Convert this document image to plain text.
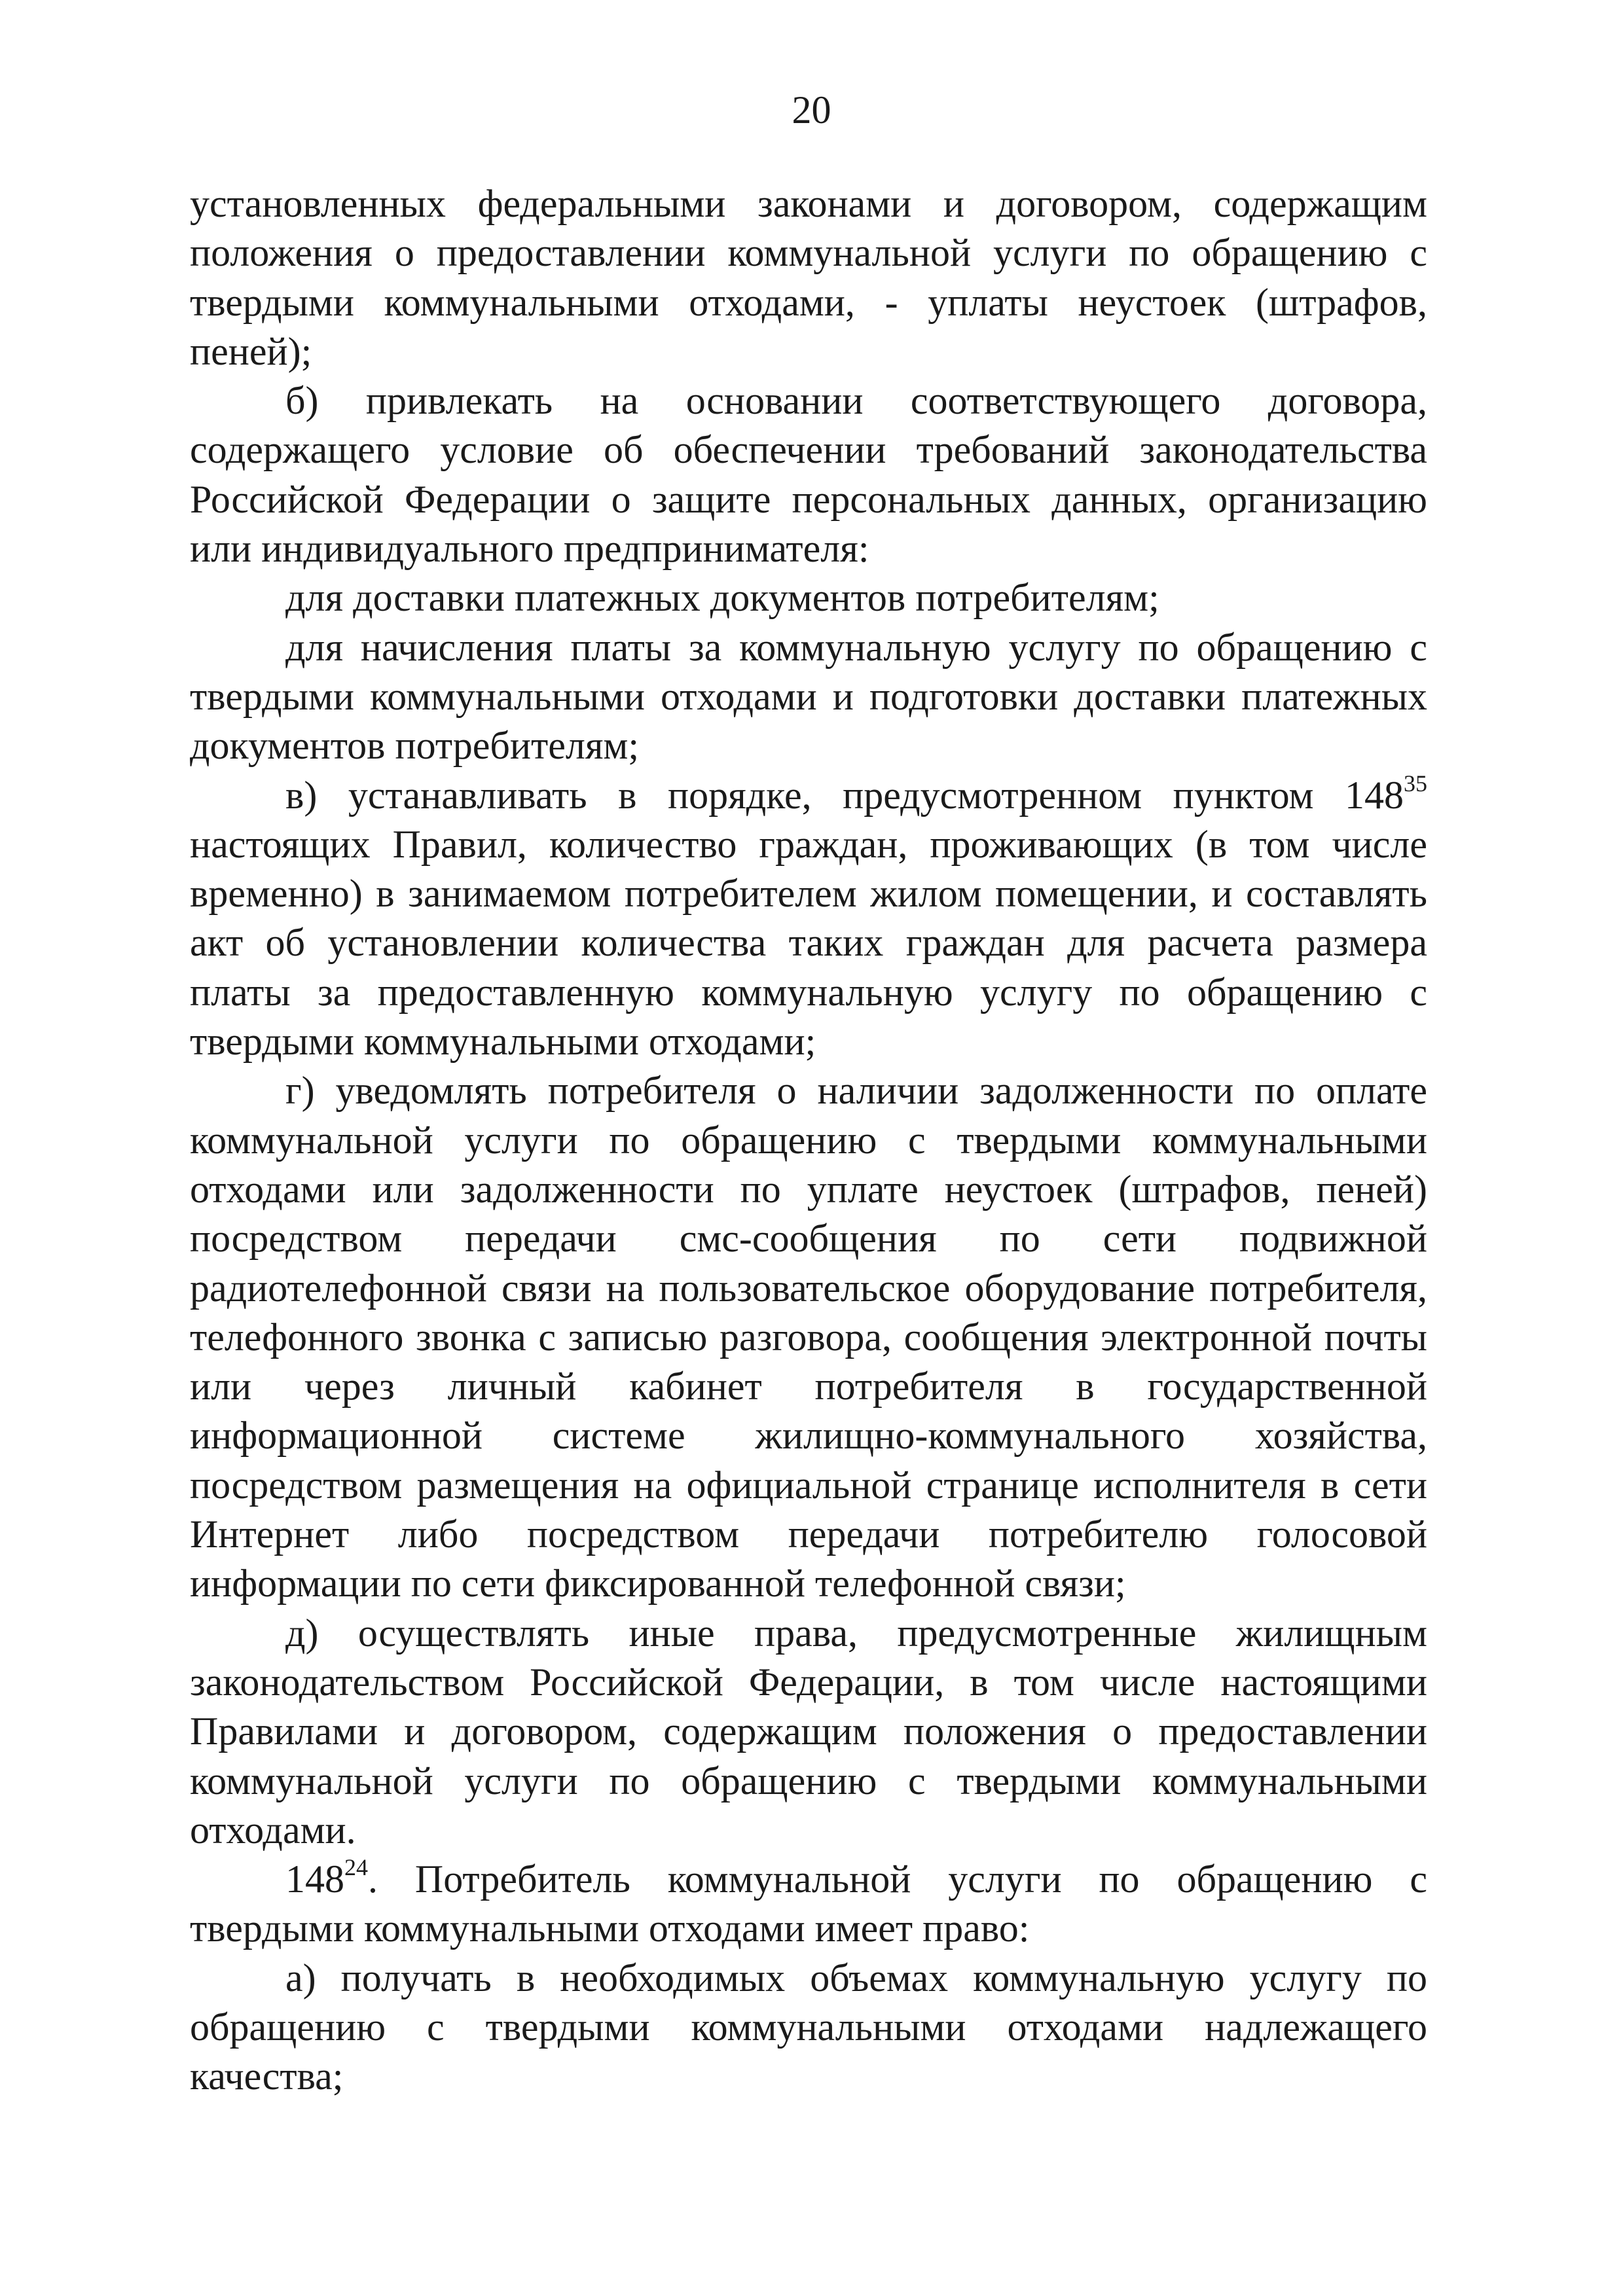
20

установленных федеральными законами и договором, содержащим положения о предоставлении коммунальной услуги по обращению с твердыми коммунальными отходами, - уплаты неустоек (штрафов, пеней);

б) привлекать на основании соответствующего договора, содержащего условие об обеспечении требований законодательства Российской Федерации о защите персональных данных, организацию или индивидуального предпринимателя:

для доставки платежных документов потребителям;

для начисления платы за коммунальную услугу по обращению с твердыми коммунальными отходами и подготовки доставки платежных документов потребителям;

в) устанавливать в порядке, предусмотренном пунктом $148^{35}$ настоящих Правил, количество граждан, проживающих (в том числе временно) в занимаемом потребителем жилом помещении, и составлять акт об установлении количества таких граждан для расчета размера платы за предоставленную коммунальную услугу по обращению с твердыми коммунальными отходами;

г) уведомлять потребителя о наличии задолженности по оплате коммунальной услуги по обращению с твердыми коммунальными отходами или задолженности по уплате неустоек (штрафов, пеней) посредством передачи смс-сообщения по сети подвижной радиотелефонной связи на пользовательское оборудование потребителя, телефонного звонка с записью разговора, сообщения электронной почты или через личный кабинет потребителя в государственной информационной системе жилищно-коммунального хозяйства, посредством размещения на официальной странице исполнителя в сети Интернет либо посредством передачи потребителю голосовой информации по сети фиксированной телефонной связи;

д) осуществлять иные права, предусмотренные жилищным законодательством Российской Федерации, в том числе настоящими Правилами и договором, содержащим положения о предоставлении коммунальной услуги по обращению с твердыми коммунальными отходами.

$148^{24}$. Потребитель коммунальной услуги по обращению с твердыми коммунальными отходами имеет право:

а) получать в необходимых объемах коммунальную услугу по обращению с твердыми коммунальными отходами надлежащего качества;
